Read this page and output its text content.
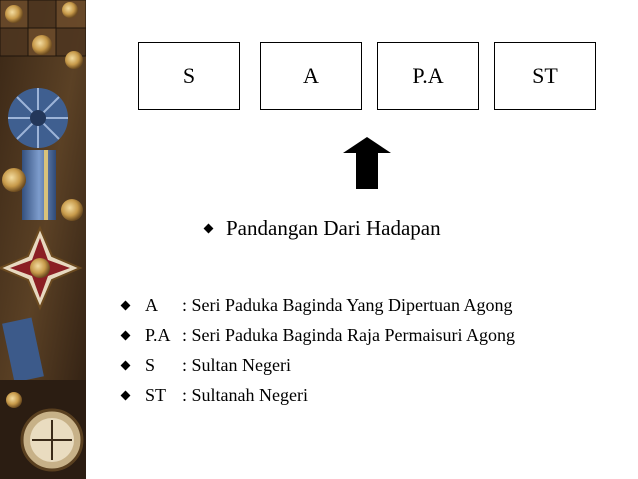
S	A	P.A	ST
Pandangan Dari Hadapan
A	: Seri Paduka Baginda Yang Dipertuan Agong
P.A : Seri Paduka Baginda Raja Permaisuri Agong
S	: Sultan Negeri
ST : Sultanah Negeri
